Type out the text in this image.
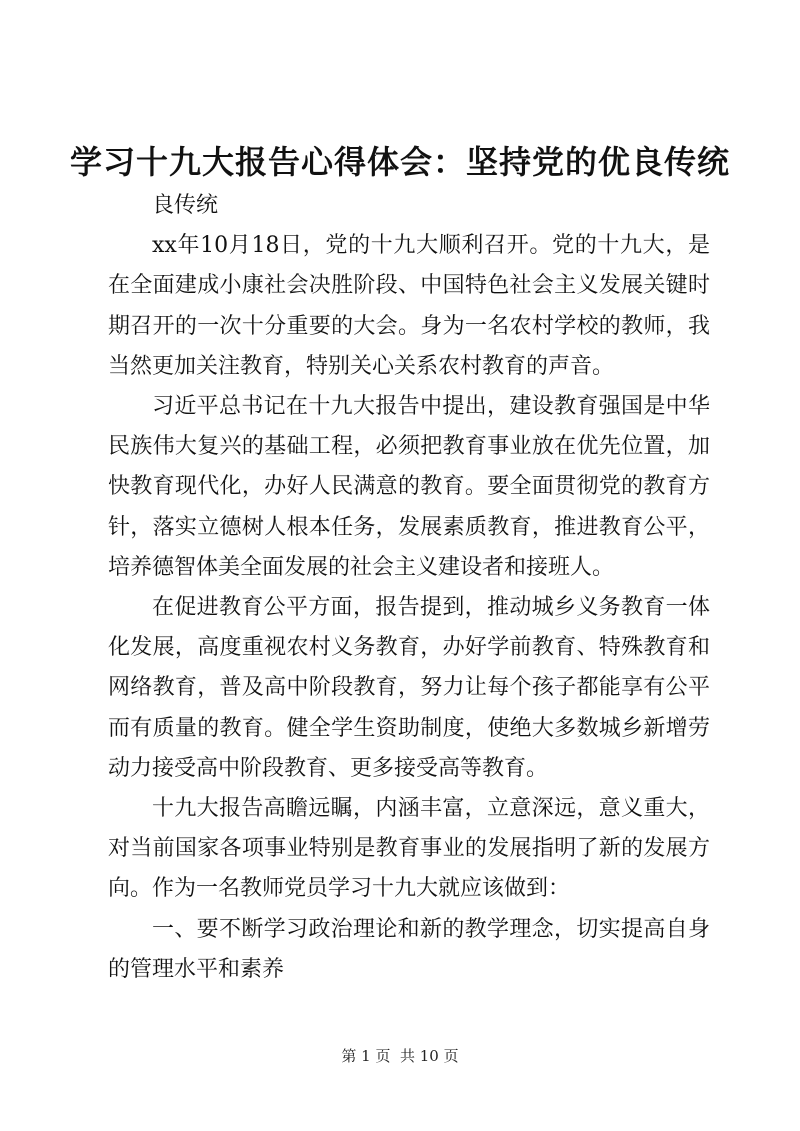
学习十九大报告心得体会：坚持党的优良传统

良传统

xx年10月18日，党的十九大顺利召开。党的十九大，是在全面建成小康社会决胜阶段、中国特色社会主义发展关键时期召开的一次十分重要的大会。身为一名农村学校的教师，我当然更加关注教育，特别关心关系农村教育的声音。

习近平总书记在十九大报告中提出，建设教育强国是中华民族伟大复兴的基础工程，必须把教育事业放在优先位置，加快教育现代化，办好人民满意的教育。要全面贯彻党的教育方针，落实立德树人根本任务，发展素质教育，推进教育公平，培养德智体美全面发展的社会主义建设者和接班人。

在促进教育公平方面，报告提到，推动城乡义务教育一体化发展，高度重视农村义务教育，办好学前教育、特殊教育和网络教育，普及高中阶段教育，努力让每个孩子都能享有公平而有质量的教育。健全学生资助制度，使绝大多数城乡新增劳动力接受高中阶段教育、更多接受高等教育。

十九大报告高瞻远瞩，内涵丰富，立意深远，意义重大，对当前国家各项事业特别是教育事业的发展指明了新的发展方向。作为一名教师党员学习十九大就应该做到：

一、要不断学习政治理论和新的教学理念，切实提高自身的管理水平和素养

第 1 页  共 10 页
